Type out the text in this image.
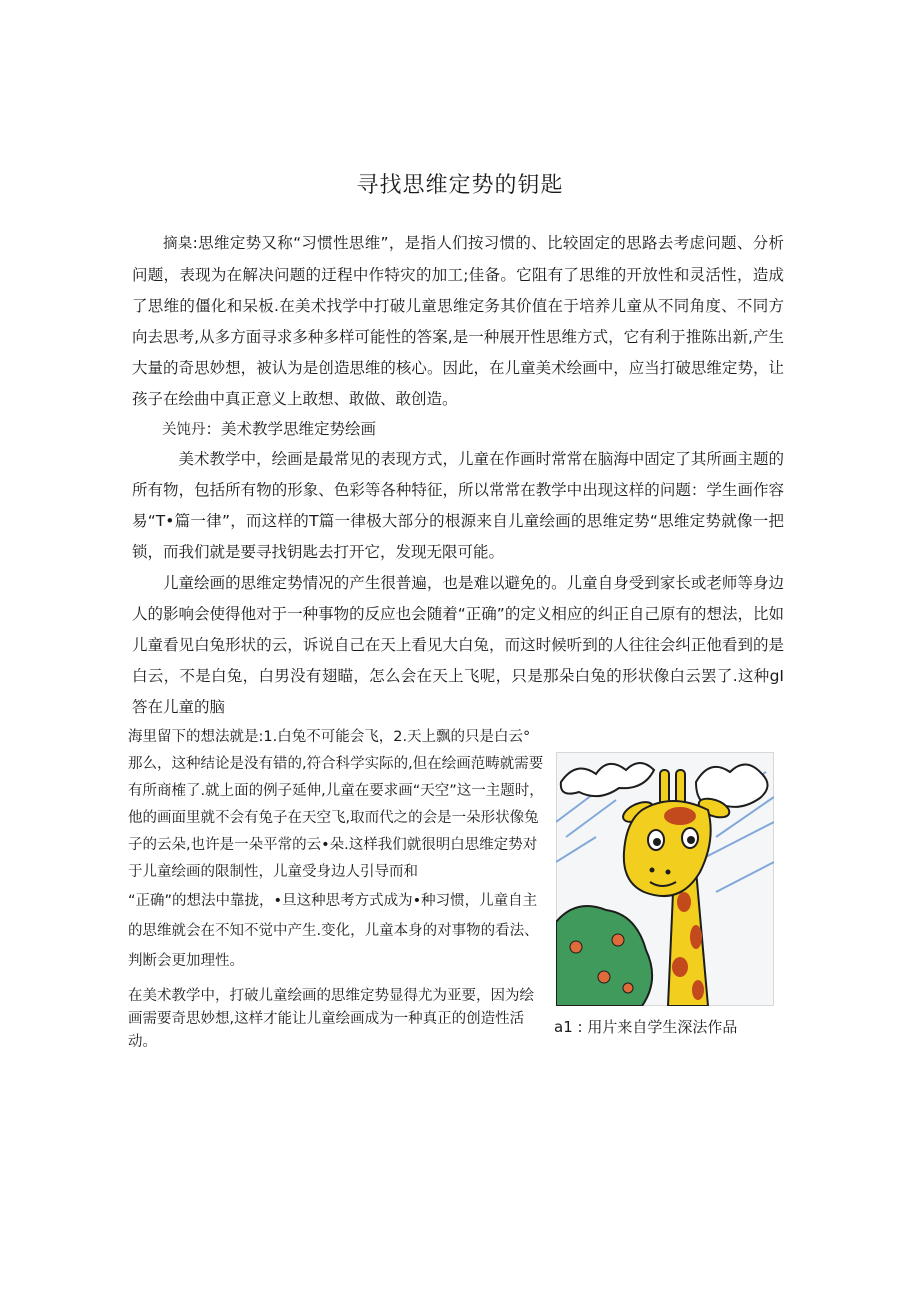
寻找思维定势的钥匙

摘臬:思维定势又称“习惯性思维”，是指人们按习惯的、比较固定的思路去考虑问题、分析问题，表现为在解决问题的迂程中作特灾的加工;佳备。它阻有了思维的开放性和灵活性，造成了思维的僵化和呆板.在美术找学中打破儿童思维定务其价值在于培养儿童从不同角度、不同方向去思考,从多方面寻求多种多样可能性的答案,是一种展开性思维方式，它有利于推陈出新,产生大量的奇思妙想，被认为是创造思维的核心。因此，在儿童美术绘画中，应当打破思维定势，让孩子在绘曲中真正意义上敢想、敢做、敢创造。

关饨丹：美术教学思维定势绘画

美术教学中，绘画是最常见的表现方式，儿童在作画时常常在脑海中固定了其所画主题的所有物，包括所有物的形象、色彩等各种特征，所以常常在教学中出现这样的问题：学生画作容易“T•篇一律”，而这样的T篇一律极大部分的根源来自儿童绘画的思维定势“思维定势就像一把锁，而我们就是要寻找钥匙去打开它，发现无限可能。

儿童绘画的思维定势情况的产生很普遍，也是难以避免的。儿童自身受到家长或老师等身边人的影响会使得他对于一种事物的反应也会随着“正确”的定义相应的纠正自己原有的想法，比如儿童看见白兔形状的云，诉说自己在天上看见大白兔，而这时候听到的人往往会纠正他看到的是白云，不是白兔，白男没有翅瞄，怎么会在天上飞呢，只是那朵白兔的形状像白云罢了.这种gI答在儿童的脑

海里留下的想法就是:1.白兔不可能会飞，2.天上飘的只是白云° 那么，这种结论是没有错的,符合科学实际的,但在绘画范畴就需要有所商榷了.就上面的例子延伸,儿童在要求画“天空”这一主题时，他的画面里就不会有兔子在天空飞,取而代之的会是一朵形状像兔子的云朵,也许是一朵平常的云•朵.这样我们就很明白思维定势对于儿童绘画的限制性，儿童受身边人引导而和

“正确”的想法中靠拢，•旦这种思考方式成为•种习惯，儿童自主的思维就会在不知不觉中产生.变化，儿童本身的对事物的看法、判断会更加理性。

在美术教学中，打破儿童绘画的思维定势显得尤为亚要，因为绘画需要奇思妙想,这样才能让儿童绘画成为一种真正的创造性活动。

a1 : 用片来自学生深法作品
